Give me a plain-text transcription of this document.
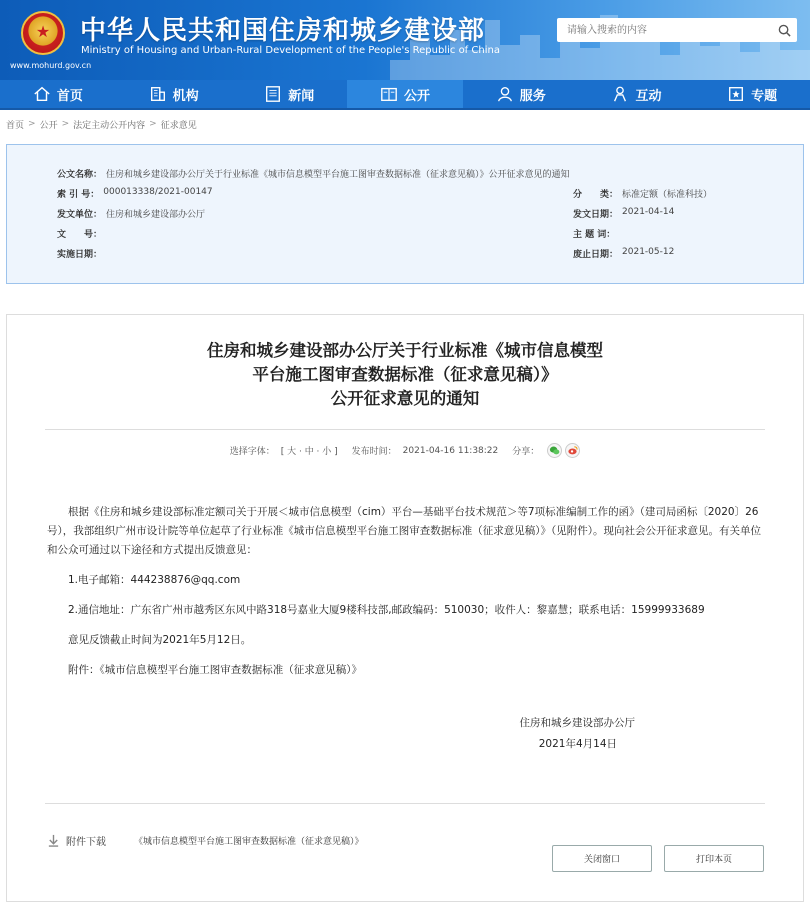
★	中华人民共和国住房和城乡建设部
Ministry of Housing and Urban-Rural Development of the People's Republic of China
www.mohurd.gov.cn
请输入搜索的内容
首页	机构	新闻	公开	服务	互动	专题
首页 > 公开 > 法定主动公开内容 > 征求意见
公文名称： 住房和城乡建设部办公厅关于行业标准《城市信息模型平台施工图审查数据标准（征求意见稿）》公开征求意见的通知
索 引 号： 000013338/2021-00147	分　　类： 标准定额（标准科技）
发文单位： 住房和城乡建设部办公厅	发文日期： 2021-04-14
文　　号：	主 题 词：
实施日期：	废止日期： 2021-05-12
住房和城乡建设部办公厅关于行业标准《城市信息模型
平台施工图审查数据标准（征求意见稿）》
公开征求意见的通知
选择字体： [ 大 · 中 · 小 ] 发布时间： 2021-04-16 11:38:22 分享：

根据《住房和城乡建设部标准定额司关于开展＜城市信息模型（cim）平台—基础平台技术规范＞等7项标准编制工作的函》（建司局函标〔2020〕26号），我部组织广州市设计院等单位起草了行业标准《城市信息模型平台施工图审查数据标准（征求意见稿）》（见附件）。现向社会公开征求意见。有关单位和公众可通过以下途径和方式提出反馈意见：

1.电子邮箱：444238876@qq.com

2.通信地址：广东省广州市越秀区东风中路318号嘉业大厦9楼科技部,邮政编码：510030；收件人：黎嘉慧；联系电话：15999933689

意见反馈截止时间为2021年5月12日。

附件：《城市信息模型平台施工图审查数据标准（征求意见稿）》

住房和城乡建设部办公厅
2021年4月14日
附件下载	《城市信息模型平台施工图审查数据标准（征求意见稿）》
关闭窗口	打印本页
